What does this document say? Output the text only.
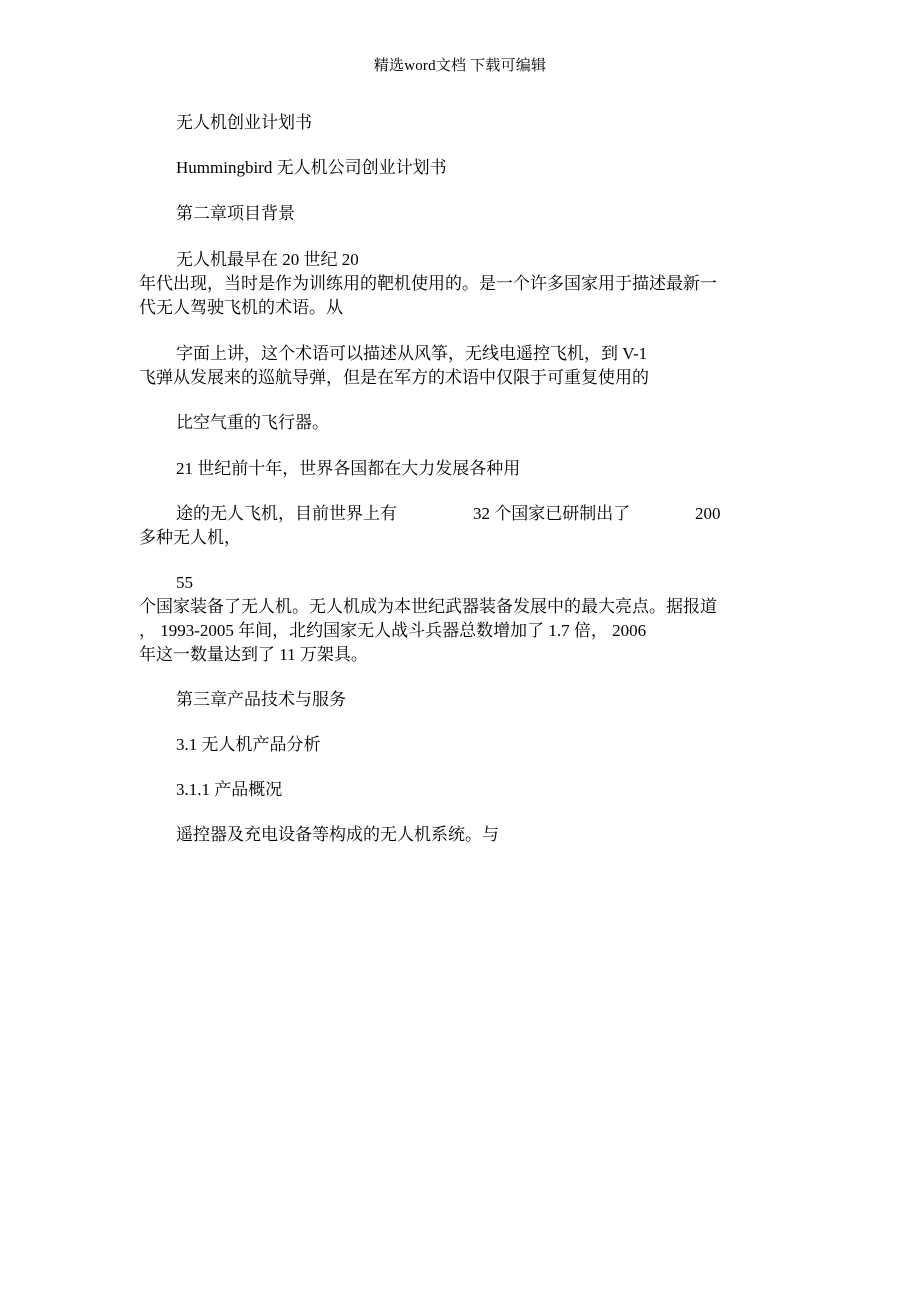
精选word文档 下载可编辑
无人机创业计划书
Hummingbird 无人机公司创业计划书
第二章项目背景
无人机最早在 20 世纪 20
年代出现，当时是作为训练用的靶机使用的。是一个许多国家用于描述最新一
代无人驾驶飞机的术语。从
字面上讲，这个术语可以描述从风筝，无线电遥控飞机，到 V-1
飞弹从发展来的巡航导弹，但是在军方的术语中仅限于可重复使用的
比空气重的飞行器。
21 世纪前十年，世界各国都在大力发展各种用
途的无人飞机，目前世界上有	32 个国家已研制出了	200
多种无人机，
55
个国家装备了无人机。无人机成为本世纪武器装备发展中的最大亮点。据报道
， 1993-2005 年间，北约国家无人战斗兵器总数增加了 1.7 倍， 2006
年这一数量达到了 11 万架具。
第三章产品技术与服务
3.1 无人机产品分析
3.1.1 产品概况
遥控器及充电设备等构成的无人机系统。与
